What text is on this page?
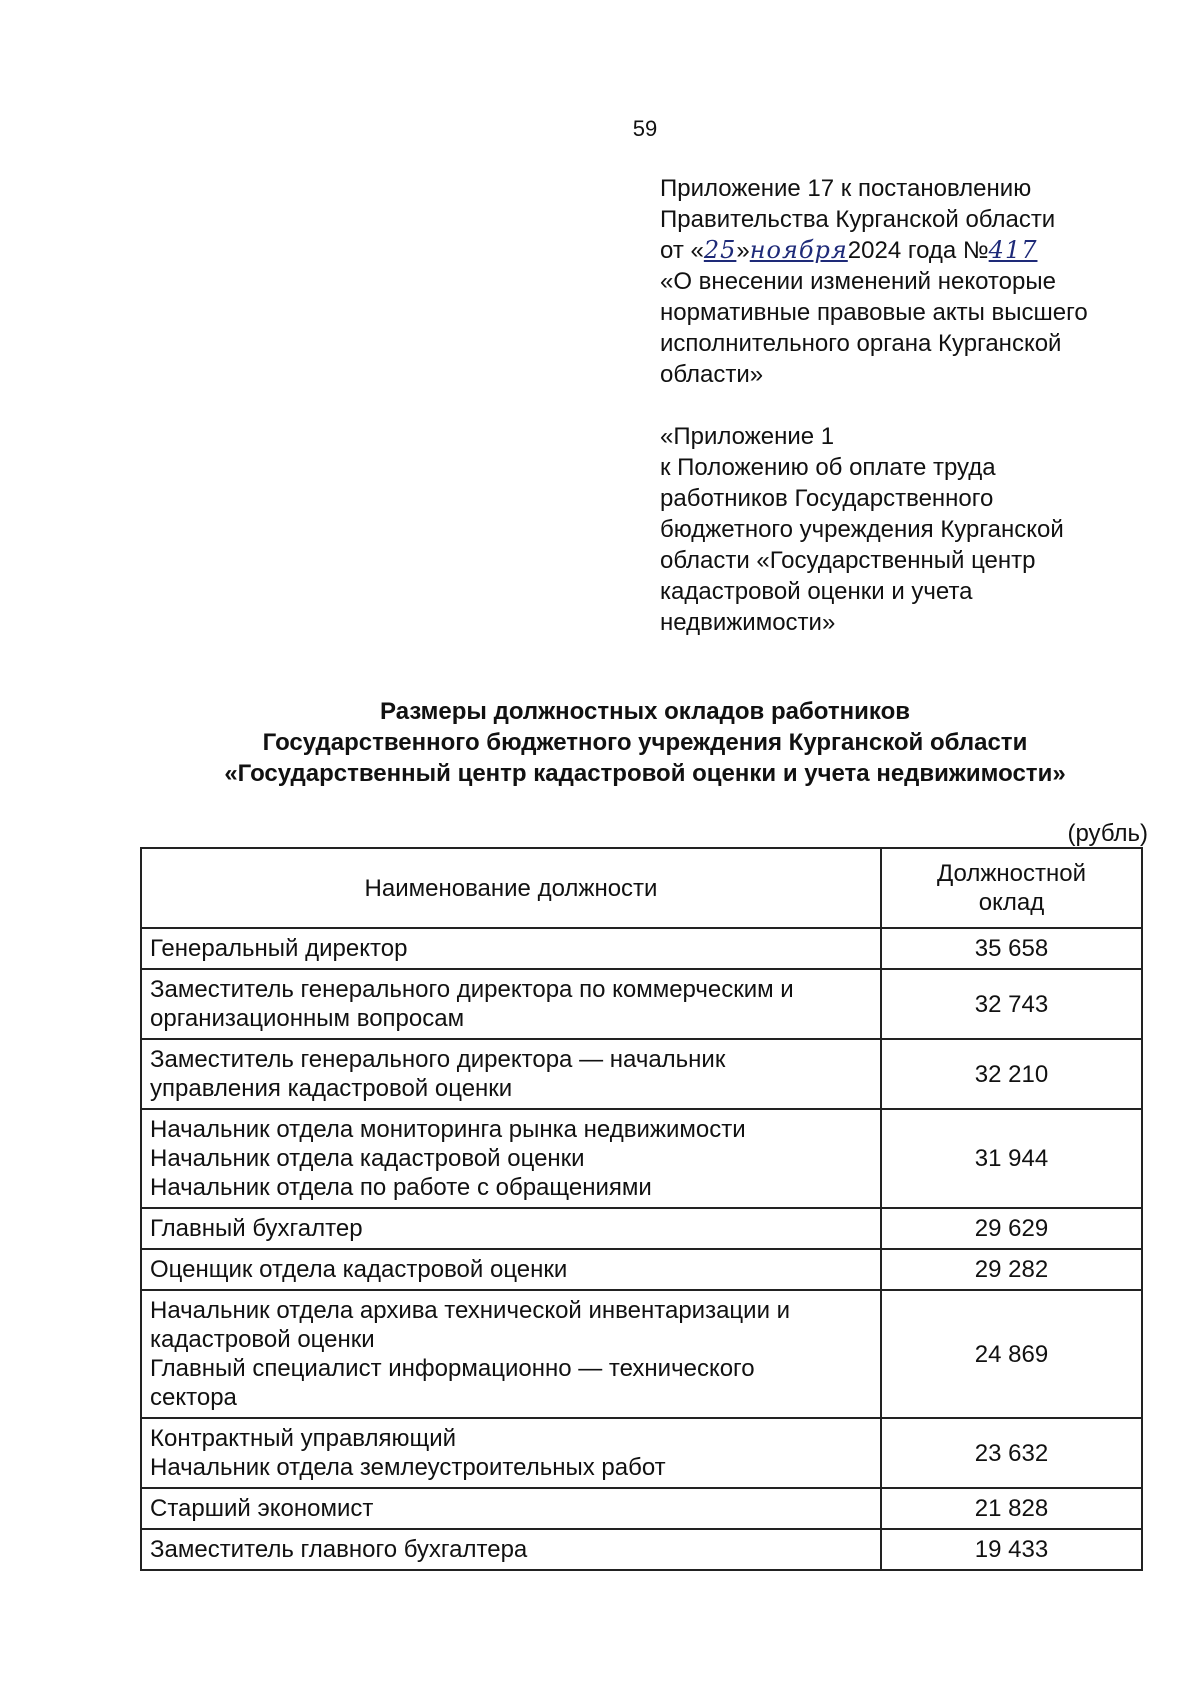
59
Приложение 17 к постановлению
Правительства Курганской области
от «25»ноября2024 года №417
«О внесении изменений некоторые
нормативные правовые акты высшего
исполнительного органа Курганской
области»
«Приложение 1
к Положению об оплате труда
работников Государственного
бюджетного учреждения Курганской
области «Государственный центр
кадастровой оценки и учета
недвижимости»
Размеры должностных окладов работников
Государственного бюджетного учреждения Курганской области
«Государственный центр кадастровой оценки и учета недвижимости»
(рубль)
Наименование должности	Должностной
оклад

Генеральный директор	35 658

Заместитель генерального директора по коммерческим и
организационным вопросам	32 743

Заместитель генерального директора — начальник
управления кадастровой оценки	32 210

Начальник отдела мониторинга рынка недвижимости
Начальник отдела кадастровой оценки
Начальник отдела по работе с обращениями	31 944

Главный бухгалтер	29 629

Оценщик отдела кадастровой оценки	29 282

Начальник отдела архива технической инвентаризации и
кадастровой оценки
Главный специалист информационно — технического
сектора	24 869

Контрактный управляющий
Начальник отдела землеустроительных работ	23 632

Старший экономист	21 828

Заместитель главного бухгалтера	19 433
